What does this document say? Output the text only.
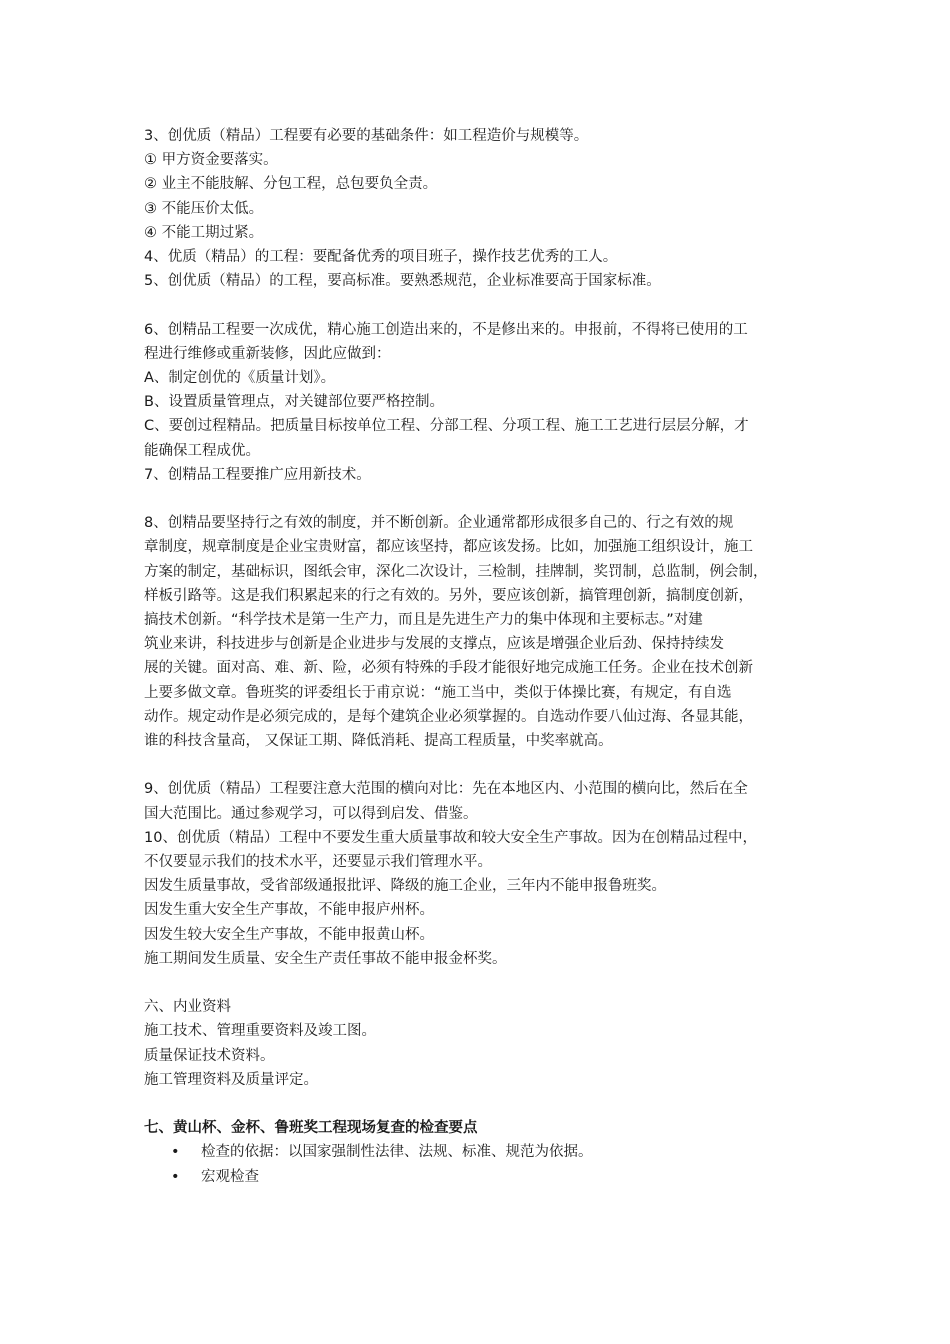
3、创优质（精品）工程要有必要的基础条件：如工程造价与规模等。
① 甲方资金要落实。
② 业主不能肢解、分包工程，总包要负全责。
③ 不能压价太低。
④ 不能工期过紧。
4、优质（精品）的工程：要配备优秀的项目班子，操作技艺优秀的工人。
5、创优质（精品）的工程，要高标准。要熟悉规范，企业标准要高于国家标准。
6、创精品工程要一次成优，精心施工创造出来的，不是修出来的。申报前，不得将已使用的工
程进行维修或重新装修，因此应做到：
A、制定创优的《质量计划》。
B、设置质量管理点，对关键部位要严格控制。
C、要创过程精品。把质量目标按单位工程、分部工程、分项工程、施工工艺进行层层分解，才
能确保工程成优。
7、创精品工程要推广应用新技术。
8、创精品要坚持行之有效的制度，并不断创新。企业通常都形成很多自己的、行之有效的规
章制度，规章制度是企业宝贵财富，都应该坚持，都应该发扬。比如，加强施工组织设计，施工
方案的制定，基础标识，图纸会审，深化二次设计，三检制，挂牌制，奖罚制，总监制，例会制，
样板引路等。这是我们积累起来的行之有效的。另外，要应该创新，搞管理创新，搞制度创新，
搞技术创新。“科学技术是第一生产力，而且是先进生产力的集中体现和主要标志。”对建
筑业来讲，科技进步与创新是企业进步与发展的支撑点，应该是增强企业后劲、保持持续发
展的关键。面对高、难、新、险，必须有特殊的手段才能很好地完成施工任务。企业在技术创新
上要多做文章。鲁班奖的评委组长于甫京说：“施工当中，类似于体操比赛，有规定，有自选
动作。规定动作是必须完成的，是每个建筑企业必须掌握的。自选动作要八仙过海、各显其能，
谁的科技含量高， 又保证工期、降低消耗、提高工程质量，中奖率就高。
9、创优质（精品）工程要注意大范围的横向对比：先在本地区内、小范围的横向比，然后在全
国大范围比。通过参观学习，可以得到启发、借鉴。
10、创优质（精品）工程中不要发生重大质量事故和较大安全生产事故。因为在创精品过程中，
不仅要显示我们的技术水平，还要显示我们管理水平。
因发生质量事故，受省部级通报批评、降级的施工企业，三年内不能申报鲁班奖。
因发生重大安全生产事故，不能申报庐州杯。
因发生较大安全生产事故，不能申报黄山杯。
施工期间发生质量、安全生产责任事故不能申报金杯奖。
六、内业资料
施工技术、管理重要资料及竣工图。
质量保证技术资料。
施工管理资料及质量评定。
七、黄山杯、金杯、鲁班奖工程现场复查的检查要点
•	检查的依据：以国家强制性法律、法规、标准、规范为依据。
•	宏观检查
